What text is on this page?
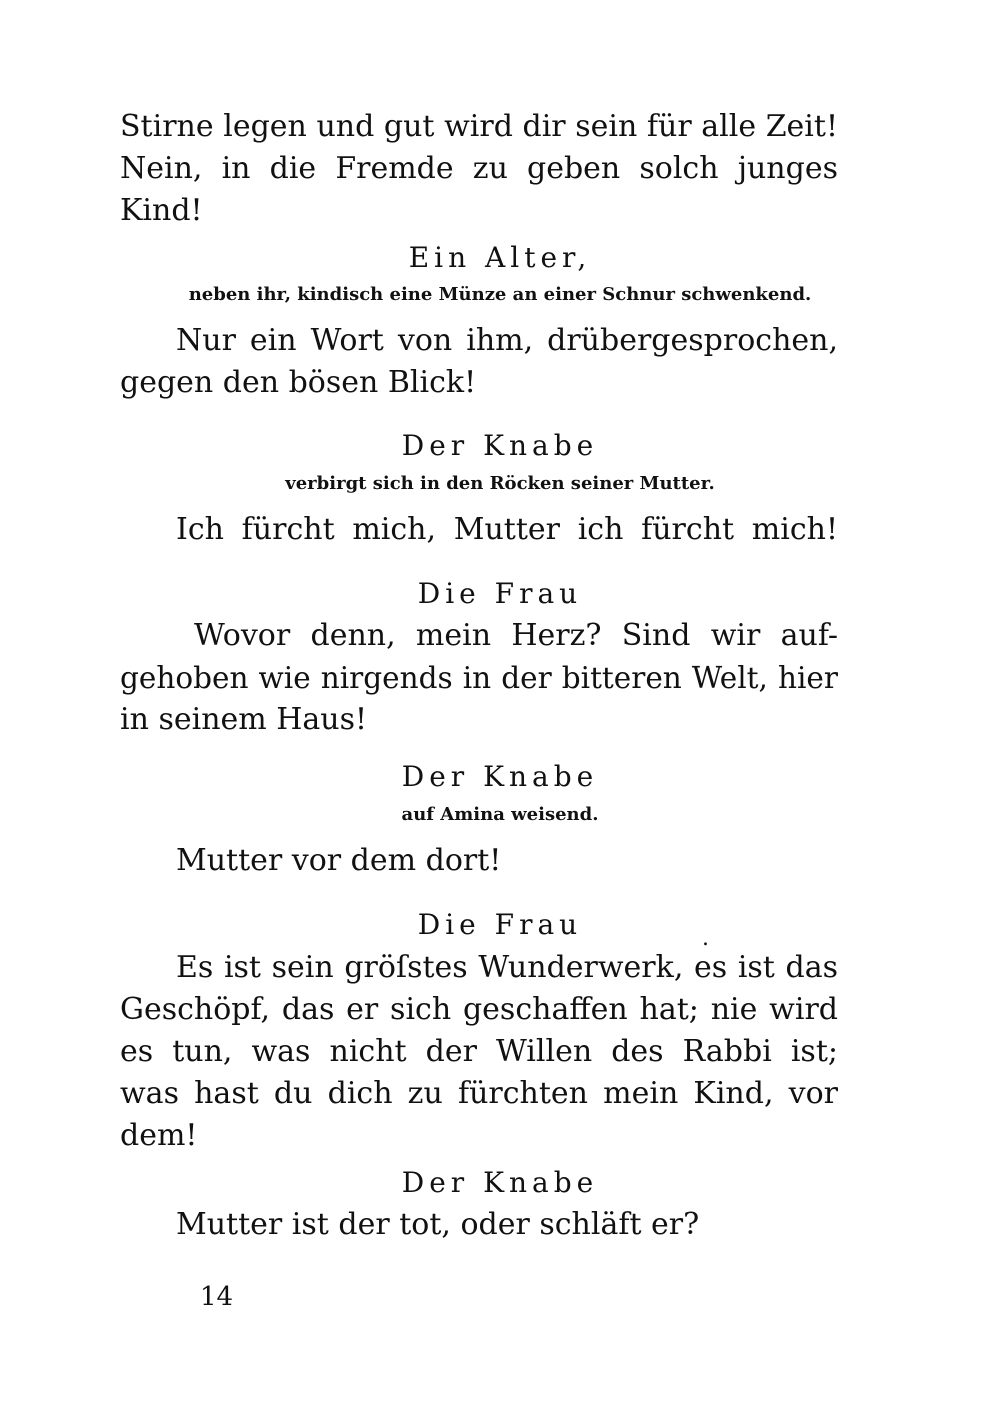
Stirne legen und gut wird dir sein für alle Zeit!
Nein, in die Fremde zu geben solch junges
Kind!
Ein Alter,
neben ihr, kindisch eine Münze an einer Schnur schwenkend.
Nur ein Wort von ihm, drübergesprochen,
gegen den bösen Blick!
Der Knabe
verbirgt sich in den Röcken seiner Mutter.
Ich fürcht mich, Mutter ich fürcht mich!
Die Frau
Wovor denn, mein Herz? Sind wir auf-
gehoben wie nirgends in der bitteren Welt, hier
in seinem Haus!
Der Knabe
auf Amina weisend.
Mutter vor dem dort!
Die Frau	.
Es ist sein gröſstes Wunderwerk, es ist das
Geschöpf, das er sich geschaffen hat; nie wird
es tun, was nicht der Willen des Rabbi ist;
was hast du dich zu fürchten mein Kind, vor
dem!
Der Knabe
Mutter ist der tot, oder schläft er?
14
